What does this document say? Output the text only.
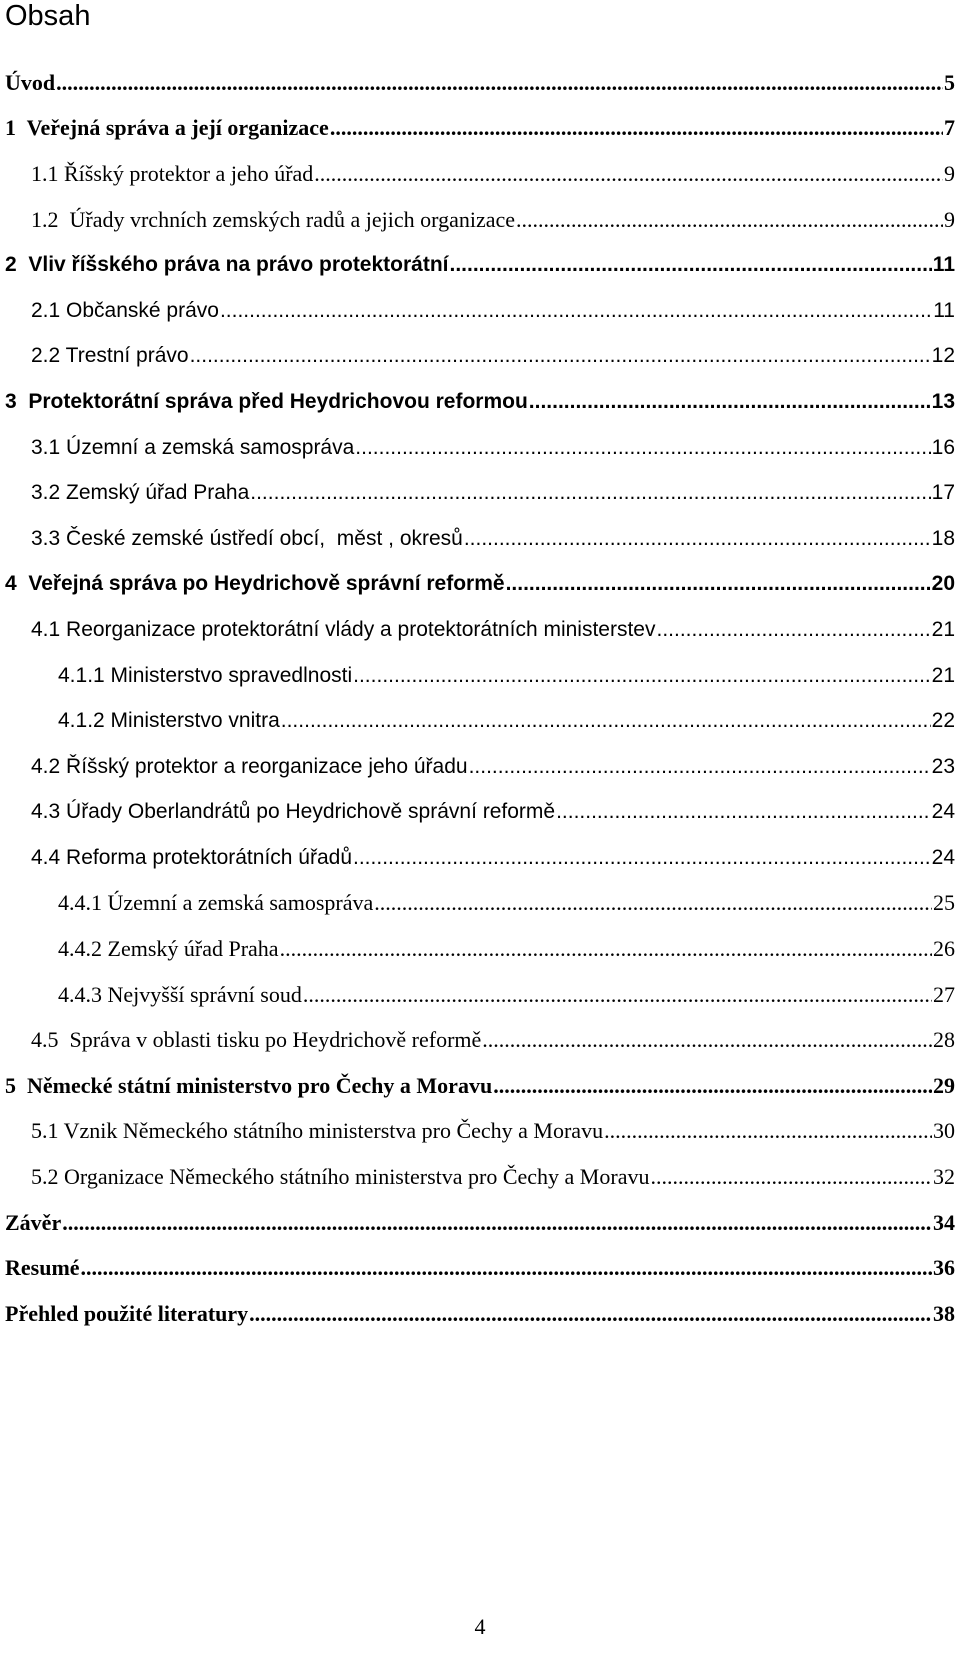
Obsah
Úvod .....	5
1  Veřejná správa a její organizace .....	7
1.1 Říšský protektor a jeho úřad .....	9
1.2  Úřady vrchních zemských radů a jejich organizace .....	9
2  Vliv říšského práva na právo protektorátní .....	11
2.1 Občanské právo .....	11
2.2 Trestní právo .....	12
3  Protektorátní správa před Heydrichovou reformou .....	13
3.1 Územní a zemská samospráva .....	16
3.2 Zemský úřad Praha .....	17
3.3 České zemské ústředí obcí,  měst , okresů .....	18
4  Veřejná správa po Heydrichově správní reformě .....	20
4.1 Reorganizace protektorátní vlády a protektorátních ministerstev .....	21
4.1.1 Ministerstvo spravedlnosti .....	21
4.1.2 Ministerstvo vnitra .....	22
4.2 Říšský protektor a reorganizace jeho úřadu .....	23
4.3 Úřady Oberlandrátů po Heydrichově správní reformě .....	24
4.4 Reforma protektorátních úřadů .....	24
4.4.1 Územní a zemská samospráva .....	25
4.4.2 Zemský úřad Praha .....	26
4.4.3 Nejvyšší správní soud .....	27
4.5  Správa v oblasti tisku po Heydrichově reformě .....	28
5  Německé státní ministerstvo pro Čechy a Moravu .....	29
5.1 Vznik Německého státního ministerstva pro Čechy a Moravu .....	30
5.2 Organizace Německého státního ministerstva pro Čechy a Moravu .....	32
Závěr .....	34
Resumé .....	36
Přehled použité literatury .....	38

4
